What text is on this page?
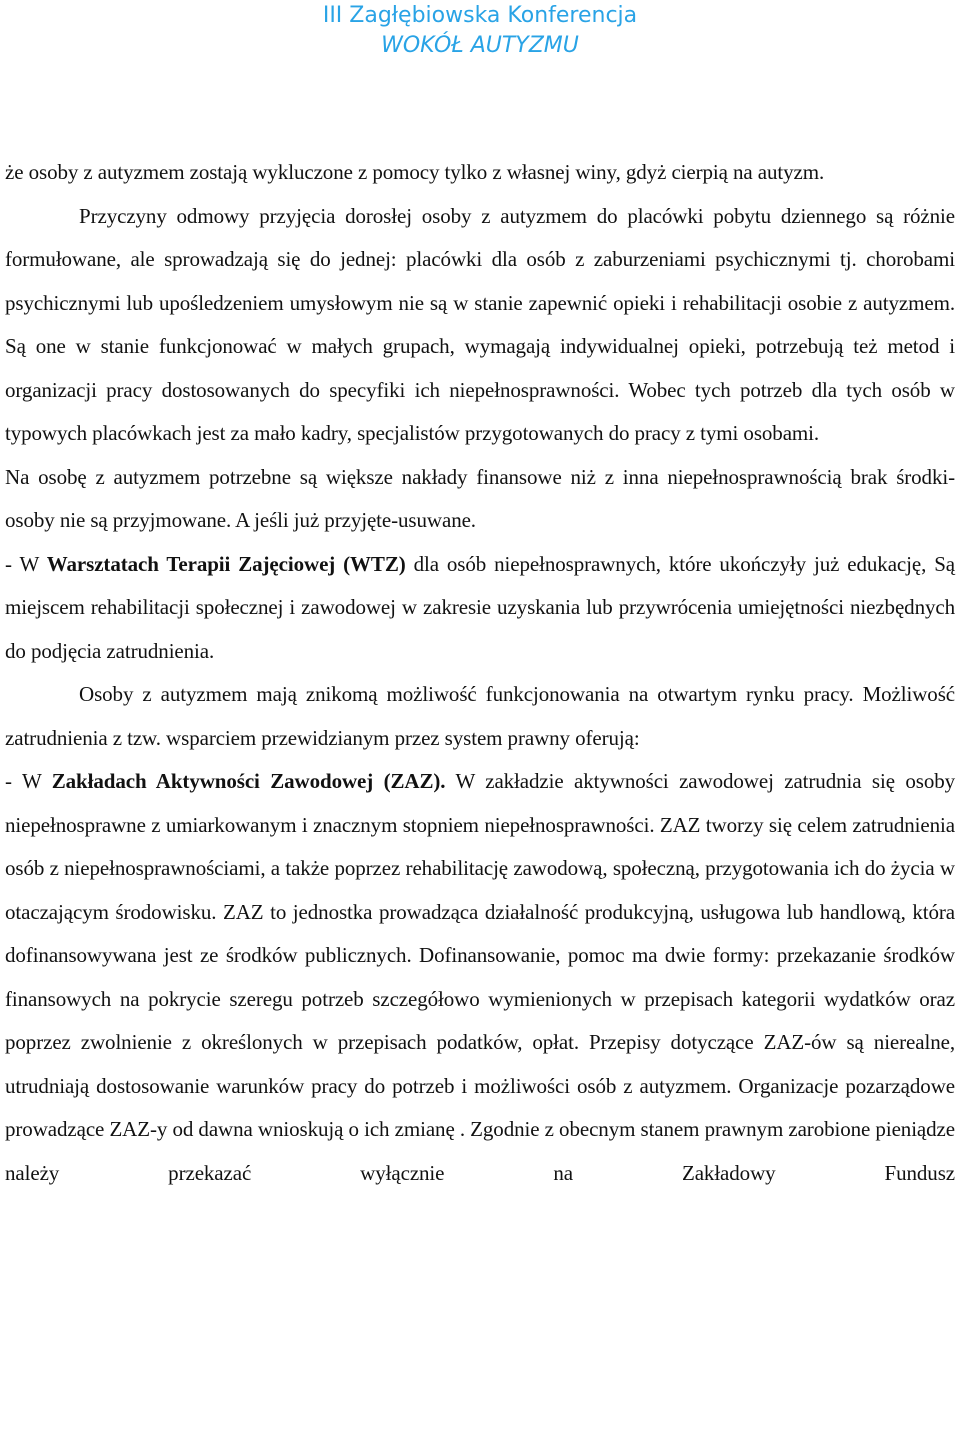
III Zagłębiowska Konferencja
WOKÓŁ AUTYZMU

że osoby z autyzmem zostają wykluczone z pomocy tylko z własnej winy, gdyż cierpią na autyzm.

Przyczyny odmowy przyjęcia dorosłej osoby z autyzmem do placówki pobytu dziennego są różnie formułowane, ale sprowadzają się do jednej: placówki dla osób z zaburzeniami psychicznymi tj. chorobami psychicznymi lub upośledzeniem umysłowym nie są w stanie zapewnić opieki i rehabilitacji osobie z autyzmem. Są one w stanie funkcjonować w małych grupach, wymagają indywidualnej opieki, potrzebują też metod i organizacji pracy dostosowanych do specyfiki ich niepełnosprawności. Wobec tych potrzeb dla tych osób w typowych placówkach jest za mało kadry, specjalistów przygotowanych do pracy z tymi osobami.

Na osobę z autyzmem potrzebne są większe nakłady finansowe niż z inna niepełnosprawnością brak środki- osoby nie są przyjmowane. A jeśli już przyjęte-usuwane.

- W Warsztatach Terapii Zajęciowej (WTZ) dla osób niepełnosprawnych, które ukończyły już edukację, Są miejscem rehabilitacji społecznej i zawodowej w zakresie uzyskania lub przywrócenia umiejętności niezbędnych do podjęcia zatrudnienia.

Osoby z autyzmem mają znikomą możliwość funkcjonowania na otwartym rynku pracy. Możliwość zatrudnienia z tzw. wsparciem przewidzianym przez system prawny oferują:

- W Zakładach Aktywności Zawodowej (ZAZ). W zakładzie aktywności zawodowej zatrudnia się osoby niepełnosprawne z umiarkowanym i znacznym stopniem niepełnosprawności. ZAZ tworzy się celem zatrudnienia osób z niepełnosprawnościami, a także poprzez rehabilitację zawodową, społeczną, przygotowania ich do życia w otaczającym środowisku. ZAZ to jednostka prowadząca działalność produkcyjną, usługowa lub handlową, która dofinansowywana jest ze środków publicznych. Dofinansowanie, pomoc ma dwie formy: przekazanie środków finansowych na pokrycie szeregu potrzeb szczegółowo wymienionych w przepisach kategorii wydatków oraz poprzez zwolnienie z określonych w przepisach podatków, opłat. Przepisy dotyczące ZAZ-ów są nierealne, utrudniają dostosowanie warunków pracy do potrzeb i możliwości osób z autyzmem. Organizacje pozarządowe prowadzące ZAZ-y od dawna wnioskują o ich zmianę . Zgodnie z obecnym stanem prawnym zarobione pieniądze należy przekazać wyłącznie na Zakładowy Fundusz
